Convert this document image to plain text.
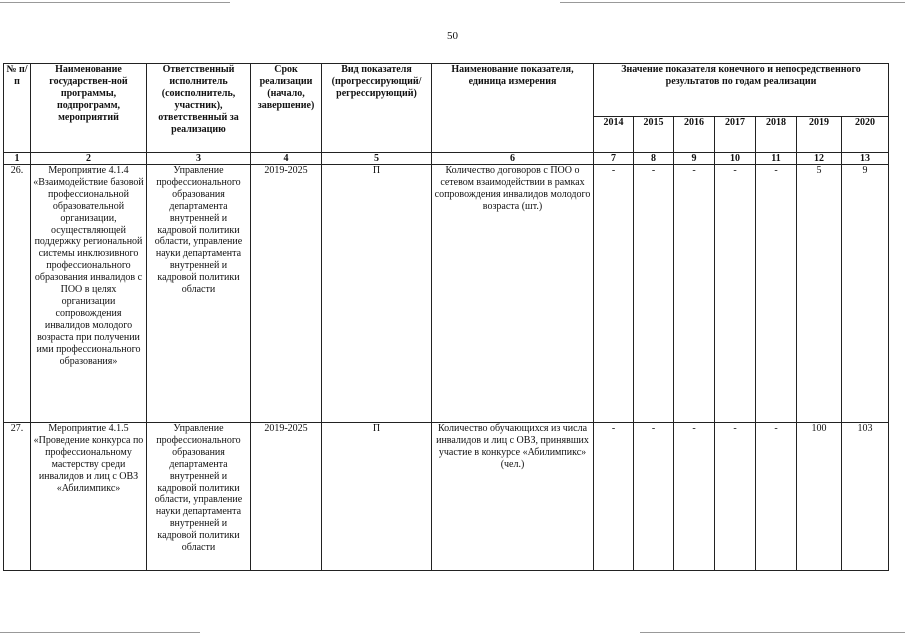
50
№ п/п	Наименование государствен-ной программы, подпрограмм, мероприятий	Ответственный исполнитель (соисполнитель, участник), ответственный за реализацию	Срок реализации (начало, завершение)	Вид показателя (прогрессирующий/ регрессирующий)	Наименование показателя, единица измерения	Значение показателя конечного и непосредственного результатов по годам реализации						
						2014	2015	2016	2017	2018	2019	2020
1	2	3	4	5	6	7	8	9	10	11	12	13
26.	Мероприятие 4.1.4 «Взаимодействие базовой профессиональной образовательной организации, осуществляющей поддержку региональной системы инклюзивного профессионального образования инвалидов с ПОО в целях организации сопровождения инвалидов молодого возраста при получении ими профессионального образования»	Управление профессионального образования департамента внутренней и кадровой политики области, управление науки департамента внутренней и кадровой политики области	2019-2025	П	Количество договоров с ПОО о сетевом взаимодействии в рамках сопровождения инвалидов молодого возраста (шт.)	-	-	-	-	-	5	9
27.	Мероприятие 4.1.5 «Проведение конкурса по профессиональному мастерству среди инвалидов и лиц с ОВЗ «Абилимпикс»	Управление профессионального образования департамента внутренней и кадровой политики области, управление науки департамента внутренней и кадровой политики области	2019-2025	П	Количество обучающихся из числа инвалидов и лиц с ОВЗ, принявших участие в конкурсе «Абилимпикс» (чел.)	-	-	-	-	-	100	103
